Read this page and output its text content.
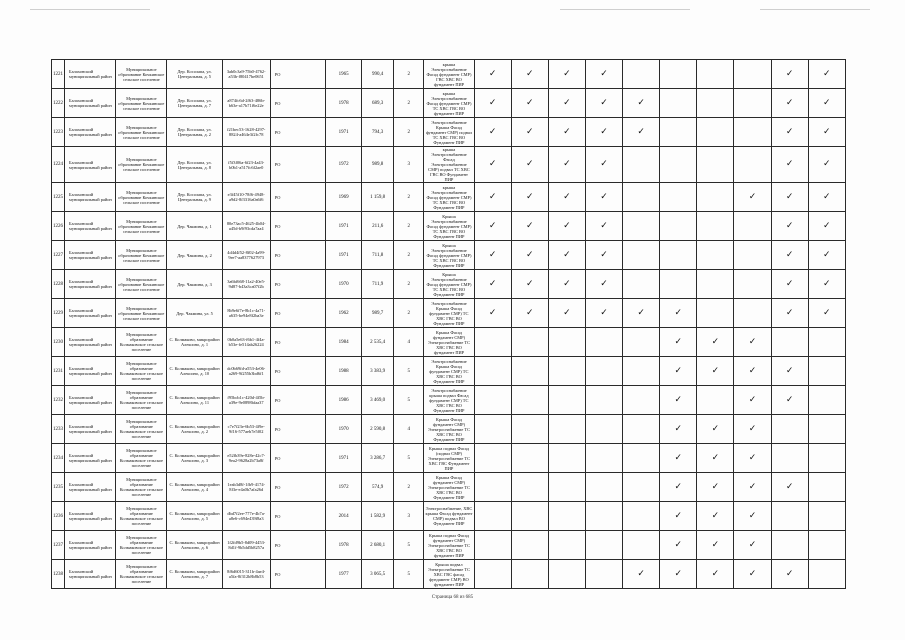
1221	Балахонский муниципальный район	Муниципальное образование Кочкинское сельское поселение	Дер. Косолапа, ул. Центральная, д. 5	3ab0c3a9-75b0-4762-a53b-f80417be0651	РО	1965	990,4	2	крыша Электроснабжение Фасад фундамент СМР) ГВС ХВС ВО фундамент ПИР	✓	✓	✓	✓					✓	✓
1222	Балахонский муниципальный район	Муниципальное образование Кочкинское сельское поселение	Дер. Косолапа, ул. Центральная, д. 7	a874fc6d-2f63-486b-b63e-a17b71f6e22e	РО	1978	689,3	2	крыша Электроснабжение Фасад фундамент СМР) ТС ХВС ГВС ВО фундамент ПИР	✓	✓	✓	✓	✓				✓	✓
1223	Балахонский муниципальный район	Муниципальное образование Кочкинское сельское поселение	Дер. Косолапа, ул. Центральная, д. 2	f21bec53-1628-4297-8824-a464e3f2fc78	РО	1971	794,3	2	Электроснабжение Крыша Фасад фундамент СМР) подвал ТС ХВС ГВС ВО Фундамент ПИР	✓	✓	✓	✓	✓				✓	✓
1224	Балахонский муниципальный район	Муниципальное образование Кочкинское сельское поселение	Дер. Косолапа, ул. Центральная, д. 8	f5f3f06a-6f23-4a43-b0b1-a517fc6f2ae0	РО	1972	989,8	3	крыша Электроснабжение Фасад Электроснабжение СМР) подвал ТС ХВС ГВС ВО Фундамент ПИР	✓	✓	✓	✓					✓	✓
1225	Балахонский муниципальный район	Муниципальное образование Кочкинское сельское поселение	Дер. Косолапа, ул. Центральная, д. 9	e3f45f10-78f6-4948-a9d2-8f3316a0a6f6	РО	1969	1 159,8	2	крыша Электроснабжение Фасад фундамент СМР) ТС ХВС ГВС ВО Фундамент ПИР	✓	✓	✓	✓				✓	✓	✓
1226	Балахонский муниципальный район	Муниципальное образование Кочкинское сельское поселение	Дер. Чакмина, д. 1	80e73ac5-4625-4b04-a45d-b9f93cda7aa4	РО	1971	211,6	2	Крыша Электроснабжение Фасад фундамент СМР) ТС ХВС ГВС ВО Фундамент ПИР	✓	✓	✓	✓					✓	✓
1227	Балахонский муниципальный район	Муниципальное образование Кочкинское сельское поселение	Дер. Чакмина, д. 2	4d4d4f52-8f02-4a99-9ee7-aa8377627973	РО	1971	711,8	2	Крыша Электроснабжение Фасад фундамент СМР) ТС ХВС ГВС ВО Фундамент ПИР	✓	✓	✓	✓					✓	✓
1228	Балахонский муниципальный район	Муниципальное образование Кочкинское сельское поселение	Дер. Чакмина, д. 3	3a6bf668-11a2-40e5-9d87-b43a3ca07f2b	РО	1970	711,9	2	Крыша Электроснабжение Фасад фундамент СМР) ТС ХВС ГВС ВО Фундамент ПИР	✓	✓	✓	✓					✓	✓
1229	Балахонский муниципальный район	Муниципальное образование Кочкинское сельское поселение	Дер. Чакмина, ул. 5	8b9e6f7e-8b1c-4a71-a635-be94e8f2ba3e	РО	1962	989,7	2	Электроснабжение Крыша Фасад фундамент СМР) ТС ХВС ГВС ВО Фундамент ПИР	✓	✓	✓	✓	✓	✓			✓	✓
1230	Балахонский муниципальный район	Муниципальное образование Колмаковское сельское поселение	С. Колмаково, микрорайон Алексино, д. 1	0b0a5e63-f6b1-4f4a-b53e-fe514ab26224	РО	1984	2 535,4	4	Крыша Фасад фундамент СМР) Электроснабжение ТС ХВС ГВС ВО фундамент ПИР						✓	✓	✓		
1231	Балахонский муниципальный район	Муниципальное образование Колмаковское сельское поселение	С. Колмаково, микрорайон Алексино, д. 10	dc0b69fd-a553-4e06-a269-9f255b3bd6f1	РО	1988	3 383,9	5	Электроснабжение Крыша Фасад фундамент СМР) ТС ХВС ГВС ВО Фундамент ПИР						✓	✓	✓	✓	
1232	Балахонский муниципальный район	Муниципальное образование Колмаковское сельское поселение	С. Колмаково, микрорайон Алексино, д. 11	f95bcb1c-420d-4f5b-a39e-9e0898bfaa37	РО	1986	3 469,0	5	Электроснабжение крыша подвал Фасад фундамент СМР) ТС ХВС ГВС ВО Фундамент ПИР						✓		✓	✓	
1233	Балахонский муниципальный район	Муниципальное образование Колмаковское сельское поселение	С. Колмаково, микрорайон Алексино, д. 2	c7e7f23e-6b53-4f9e-9f16-577aeb7e5f02	РО	1970	2 590,8	4	Крыша Фасад фундамент СМР) Электроснабжение ТС ХВС ГВС ВО Фундамент ПИР						✓	✓	✓		
1234	Балахонский муниципальный район	Муниципальное образование Колмаковское сельское поселение	С. Колмаково, микрорайон Алексино, д. 3	e52fb39e-828e-42c7-9ea2-9628a2b73a8f	РО	1971	3 286,7	5	Крыша подвал Фасад (подвал СМР) Электроснабжение ТС ХВС ГВС Фундамент ПИР						✓	✓	✓		
1235	Балахонский муниципальный район	Муниципальное образование Колмаковское сельское поселение	С. Колмаково, микрорайон Алексино, д. 4	1eab3d8f-1fb9-4174-8f3e-e4a0b7afa26d	РО	1972	574,9	2	Крыша Фасад фундамент СМР) Электроснабжение ТС ХВС ГВС ВО Фундамент ПИР						✓	✓	✓	✓	
1236	Балахонский муниципальный район	Муниципальное образование Колмаковское сельское поселение	С. Колмаково, микрорайон Алексино, д. 5	dbd7f2ee-777e-4b7a-a8e6-c694e439f8a3	РО	2014	1 582,9	3	Электроснабжение, ХВС крыша Фасад фундамент СМР) подвал ВО Фундамент ПИР						✓	✓	✓		
1237	Балахонский муниципальный район	Муниципальное образование Колмаковское сельское поселение	С. Колмаково, микрорайон Алексино, д. 6	1f2fd9b5-8d09-4453-8d1f-9b5dd5b8257a	РО	1978	2 680,1	5	Крыша подвал Фасад фундамент СМР) Электроснабжение ТС ХВС ГВС ВО фундамент ПИР						✓	✓	✓		
1238	Балахонский муниципальный район	Муниципальное образование Колмаковское сельское поселение	С. Колмаково, микрорайон Алексино, д. 7	8f6d6015-311b-4ae4-a5fa-8f312b8b8b53	РО	1977	3 065,5	5	Крыша подвал Электроснабжение ТС ХВС ГВС фасад фундамент СМР) ВО фундамент ПИР					✓	✓	✓	✓	✓	
Страница 68 из 685
